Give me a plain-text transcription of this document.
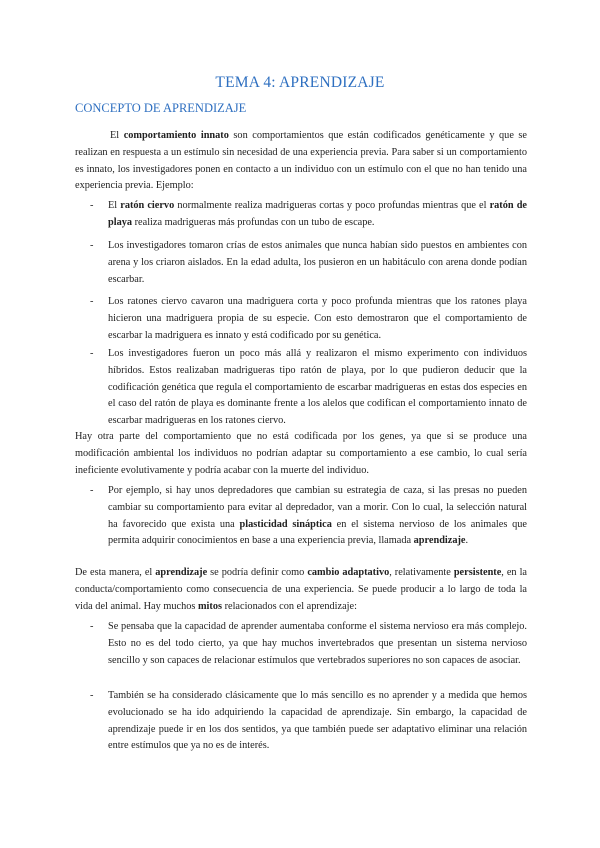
TEMA 4: APRENDIZAJE
CONCEPTO DE APRENDIZAJE

El comportamiento innato son comportamientos que están codificados genéticamente y que se realizan en respuesta a un estímulo sin necesidad de una experiencia previa. Para saber si un comportamiento es innato, los investigadores ponen en contacto a un individuo con un estímulo con el que no han tenido una experiencia previa. Ejemplo:

- El ratón ciervo normalmente realiza madrigueras cortas y poco profundas mientras que el ratón de playa realiza madrigueras más profundas con un tubo de escape.

- Los investigadores tomaron crías de estos animales que nunca habían sido puestos en ambientes con arena y los criaron aislados. En la edad adulta, los pusieron en un habitáculo con arena donde podían escarbar.

- Los ratones ciervo cavaron una madriguera corta y poco profunda mientras que los ratones playa hicieron una madriguera propia de su especie. Con esto demostraron que el comportamiento de escarbar la madriguera es innato y está codificado por su genética.

- Los investigadores fueron un poco más allá y realizaron el mismo experimento con individuos híbridos. Estos realizaban madrigueras tipo ratón de playa, por lo que pudieron deducir que la codificación genética que regula el comportamiento de escarbar madrigueras en estas dos especies en el caso del ratón de playa es dominante frente a los alelos que codifican el comportamiento innato de escarbar madrigueras en los ratones ciervo.

Hay otra parte del comportamiento que no está codificada por los genes, ya que si se produce una modificación ambiental los individuos no podrían adaptar su comportamiento a ese cambio, lo cual sería ineficiente evolutivamente y podría acabar con la muerte del individuo.

- Por ejemplo, si hay unos depredadores que cambian su estrategia de caza, si las presas no pueden cambiar su comportamiento para evitar al depredador, van a morir. Con lo cual, la selección natural ha favorecido que exista una plasticidad sináptica en el sistema nervioso de los animales que permita adquirir conocimientos en base a una experiencia previa, llamada aprendizaje.

De esta manera, el aprendizaje se podría definir como cambio adaptativo, relativamente persistente, en la conducta/comportamiento como consecuencia de una experiencia. Se puede producir a lo largo de toda la vida del animal. Hay muchos mitos relacionados con el aprendizaje:

- Se pensaba que la capacidad de aprender aumentaba conforme el sistema nervioso era más complejo. Esto no es del todo cierto, ya que hay muchos invertebrados que presentan un sistema nervioso sencillo y son capaces de relacionar estímulos que vertebrados superiores no son capaces de asociar.

- También se ha considerado clásicamente que lo más sencillo es no aprender y a medida que hemos evolucionado se ha ido adquiriendo la capacidad de aprendizaje. Sin embargo, la capacidad de aprendizaje puede ir en los dos sentidos, ya que también puede ser adaptativo eliminar una relación entre estímulos que ya no es de interés.
